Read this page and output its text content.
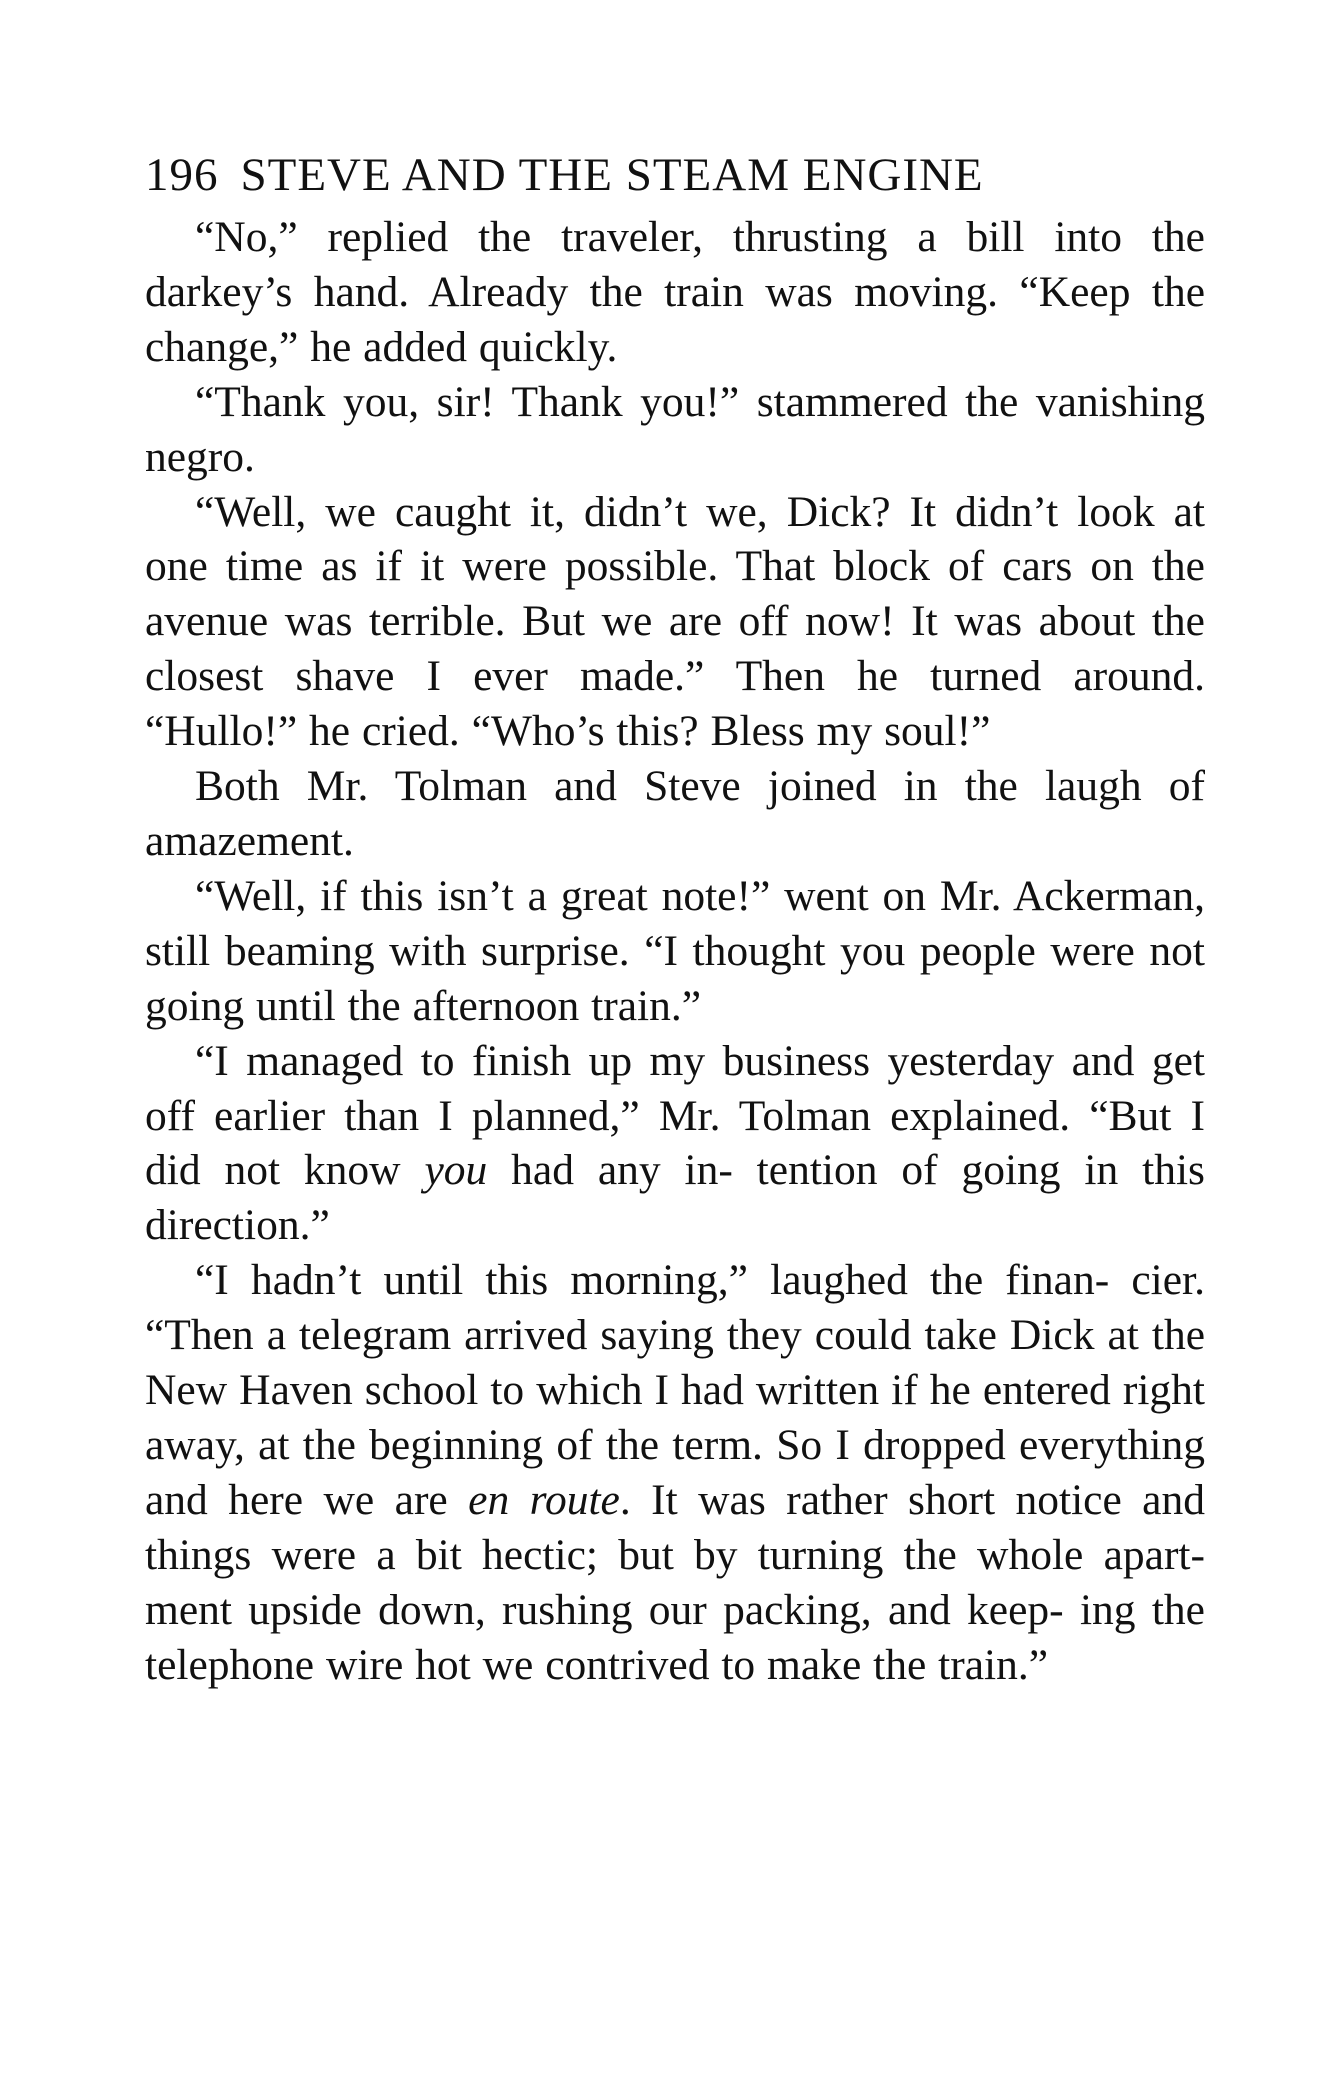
196 STEVE AND THE STEAM ENGINE

“No,” replied the traveler, thrusting a bill into the darkey’s hand. Already the train was moving. “Keep the change,” he added quickly.

“Thank you, sir! Thank you!” stammered the vanishing negro.

“Well, we caught it, didn’t we, Dick? It didn’t look at one time as if it were possible. That block of cars on the avenue was terrible. But we are off now! It was about the closest shave I ever made.” Then he turned around. “Hullo!” he cried. “Who’s this? Bless my soul!”

Both Mr. Tolman and Steve joined in the laugh of amazement.

“Well, if this isn’t a great note!” went on Mr. Ackerman, still beaming with surprise. “I thought you people were not going until the afternoon train.”

“I managed to finish up my business yesterday and get off earlier than I planned,” Mr. Tolman explained. “But I did not know you had any in- tention of going in this direction.”

“I hadn’t until this morning,” laughed the finan- cier. “Then a telegram arrived saying they could take Dick at the New Haven school to which I had written if he entered right away, at the beginning of the term. So I dropped everything and here we are en route. It was rather short notice and things were a bit hectic; but by turning the whole apart- ment upside down, rushing our packing, and keep- ing the telephone wire hot we contrived to make the train.”
